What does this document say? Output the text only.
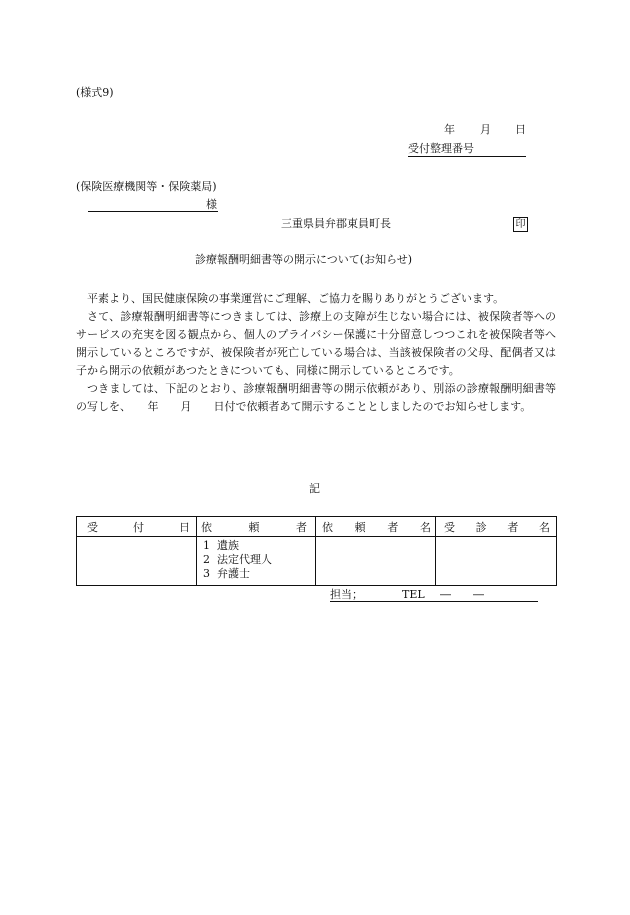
(様式9)
年 月 日
受付整理番号
(保険医療機関等・保険薬局)
様
三重県員弁郡東員町長	印
診療報酬明細書等の開示について(お知らせ)

平素より、国民健康保険の事業運営にご理解、ご協力を賜りありがとうございます。

さて、診療報酬明細書等につきましては、診療上の支障が生じない場合には、被保険者等へのサービスの充実を図る観点から、個人のプライバシー保護に十分留意しつつこれを被保険者等へ開示しているところですが、被保険者が死亡している場合は、当該被保険者の父母、配偶者又は子から開示の依頼があつたときについても、同様に開示しているところです。

つきましては、下記のとおり、診療報酬明細書等の開示依頼があり、別添の診療報酬明細書等の写しを、　　年　　月　　日付で依頼者あて開示することとしましたのでお知らせします。

記
受 付 日	依 頼 者	依 頼 者 名	受 診 者 名

	1 遺族
2 法定代理人
3 弁護士		

担当；	TEL ―　　―
